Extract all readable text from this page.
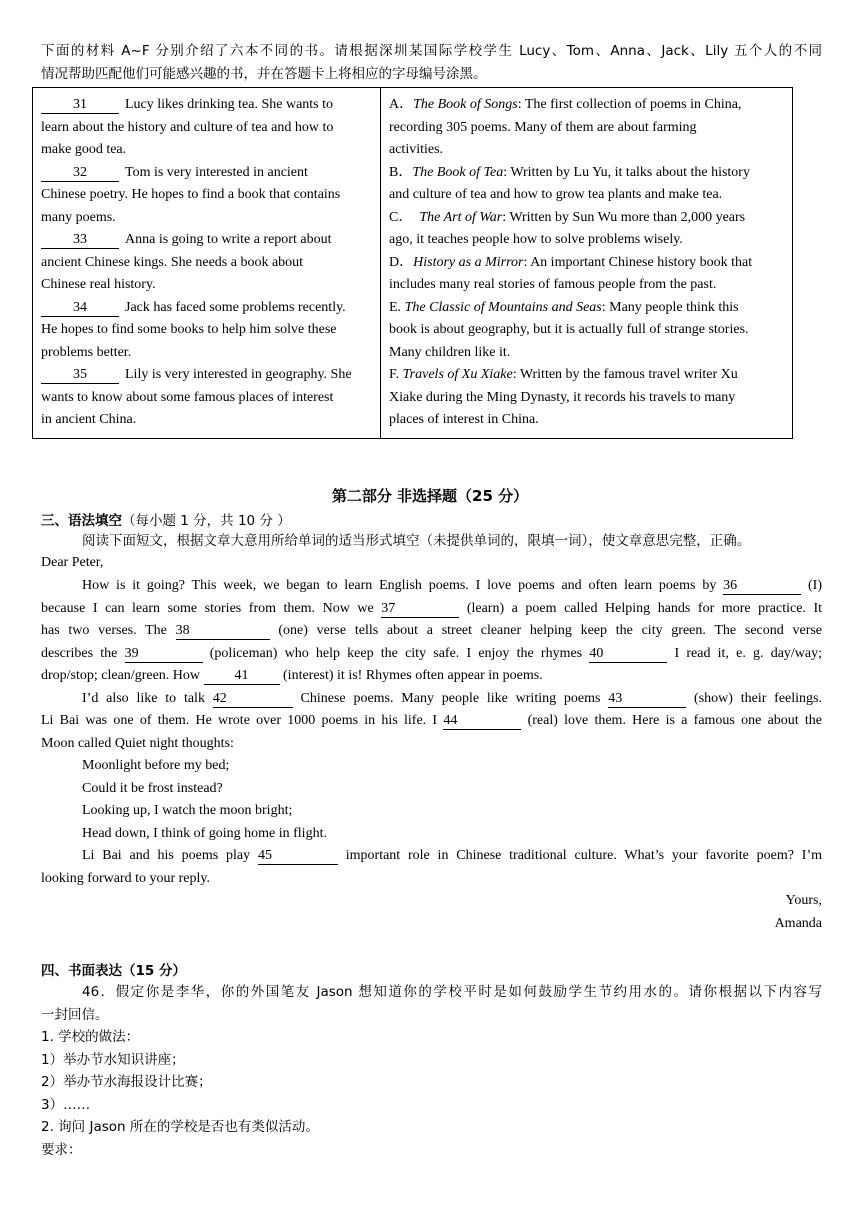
下面的材料 A~F 分别介绍了六本不同的书。请根据深圳某国际学校学生 Lucy、Tom、Anna、Jack、Lily 五个人的不同
情况帮助匹配他们可能感兴趣的书，并在答题卡上将相应的字母编号涂黑。
31	Lucy likes drinking tea. She wants to
learn about the history and culture of tea and how to
make good tea.
32	Tom is very interested in ancient
Chinese poetry. He hopes to find a book that contains
many poems.
33	Anna is going to write a report about
ancient Chinese kings. She needs a book about
Chinese real history.
34	Jack has faced some problems recently.
He hopes to find some books to help him solve these
problems better.
35	Lily is very interested in geography. She
wants to know about some famous places of interest
in ancient China.

A．The Book of Songs: The first collection of poems in China,
recording 305 poems. Many of them are about farming
activities.
B．The Book of Tea: Written by Lu Yu, it talks about the history
and culture of tea and how to grow tea plants and make tea.
C．  The Art of War: Written by Sun Wu more than 2,000 years
ago, it teaches people how to solve problems wisely.
D．History as a Mirror: An important Chinese history book that
includes many real stories of famous people from the past.
E. The Classic of Mountains and Seas: Many people think this
book is about geography, but it is actually full of strange stories.
Many children like it.
F. Travels of Xu Xiake: Written by the famous travel writer Xu
Xiake during the Ming Dynasty, it records his travels to many
places of interest in China.
第二部分 非选择题（25 分）
三、语法填空（每小题 1 分，共 10 分 ）
阅读下面短文，根据文章大意用所给单词的适当形式填空（未提供单词的，限填一词），使文章意思完整，正确。
Dear Peter,
How is it going? This week, we began to learn English poems. I love poems and often learn poems by 36	(I)
because I can learn some stories from them. Now we 37	(learn) a poem called Helping hands for more practice. It
has two verses. The 38	(one) verse tells about a street cleaner helping keep the city green. The second verse
describes the 39	(policeman) who help keep the city safe. I enjoy the rhymes 40	I read it, e. g. day/way;
drop/stop; clean/green. How 41 (interest) it is! Rhymes often appear in poems.
I’d also like to talk 42	Chinese poems. Many people like writing poems 43	(show) their feelings.
Li Bai was one of them. He wrote over 1000 poems in his life. I 44	(real) love them. Here is a famous one about the
Moon called Quiet night thoughts:
Moonlight before my bed;
Could it be frost instead?
Looking up, I watch the moon bright;
Head down, I think of going home in flight.
Li Bai and his poems play 45	important role in Chinese traditional culture. What’s your favorite poem? I’m
looking forward to your reply.
Yours,
Amanda
四、书面表达（15 分）
46．假定你是李华，你的外国笔友 Jason 想知道你的学校平时是如何鼓励学生节约用水的。请你根据以下内容写
一封回信。
1. 学校的做法：
1）举办节水知识讲座；
2）举办节水海报设计比赛；
3）……
2. 询问 Jason 所在的学校是否也有类似活动。
要求：
